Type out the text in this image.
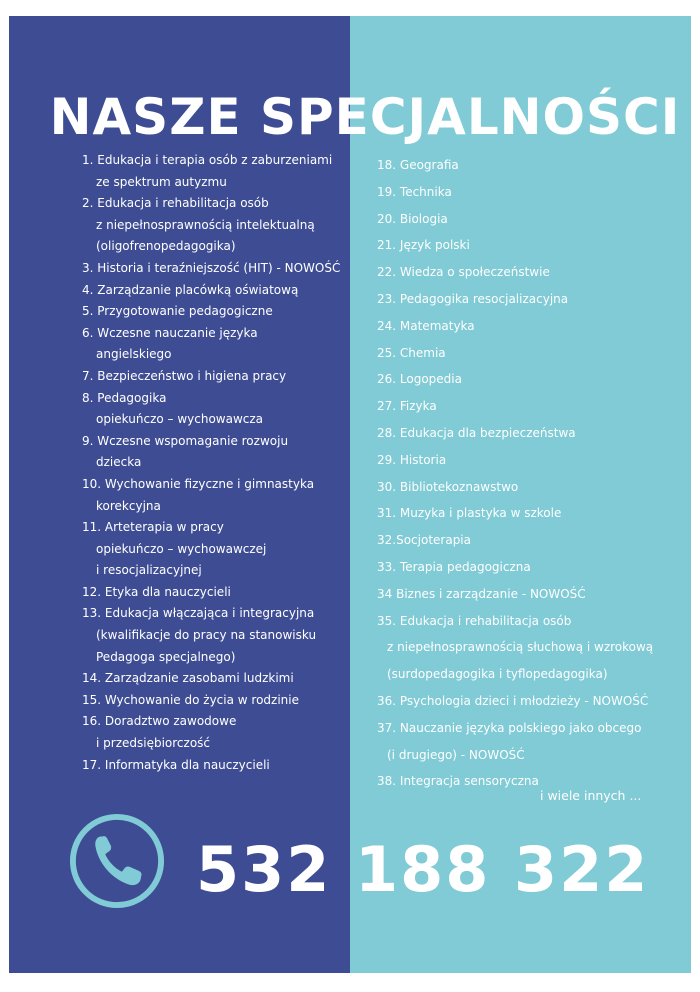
NASZE SPECJALNOŚCI
1. Edukacja i terapia osób z zaburzeniami
ze spektrum autyzmu
2. Edukacja i rehabilitacja osób
z niepełnosprawnością intelektualną
(oligofrenopedagogika)
3. Historia i teraźniejszość (HIT) - NOWOŚĆ
4. Zarządzanie placówką oświatową
5. Przygotowanie pedagogiczne
6. Wczesne nauczanie języka
angielskiego
7. Bezpieczeństwo i higiena pracy
8. Pedagogika
opiekuńczo – wychowawcza
9. Wczesne wspomaganie rozwoju
dziecka
10. Wychowanie fizyczne i gimnastyka
korekcyjna
11. Arteterapia w pracy
opiekuńczo – wychowawczej
i resocjalizacyjnej
12. Etyka dla nauczycieli
13. Edukacja włączająca i integracyjna
(kwalifikacje do pracy na stanowisku
Pedagoga specjalnego)
14. Zarządzanie zasobami ludzkimi
15. Wychowanie do życia w rodzinie
16. Doradztwo zawodowe
i przedsiębiorczość
17. Informatyka dla nauczycieli
18. Geografia
19. Technika
20. Biologia
21. Język polski
22. Wiedza o społeczeństwie
23. Pedagogika resocjalizacyjna
24. Matematyka
25. Chemia
26. Logopedia
27. Fizyka
28. Edukacja dla bezpieczeństwa
29. Historia
30. Bibliotekoznawstwo
31. Muzyka i plastyka w szkole
32.Socjoterapia
33. Terapia pedagogiczna
34 Biznes i zarządzanie - NOWOŚĆ
35. Edukacja i rehabilitacja osób
z niepełnosprawnością słuchową i wzrokową
(surdopedagogika i tyflopedagogika)
36. Psychologia dzieci i młodzieży - NOWOŚĆ
37. Nauczanie języka polskiego jako obcego
(i drugiego) - NOWOŚĆ
38. Integracja sensoryczna
i wiele innych ...
532 188 322
